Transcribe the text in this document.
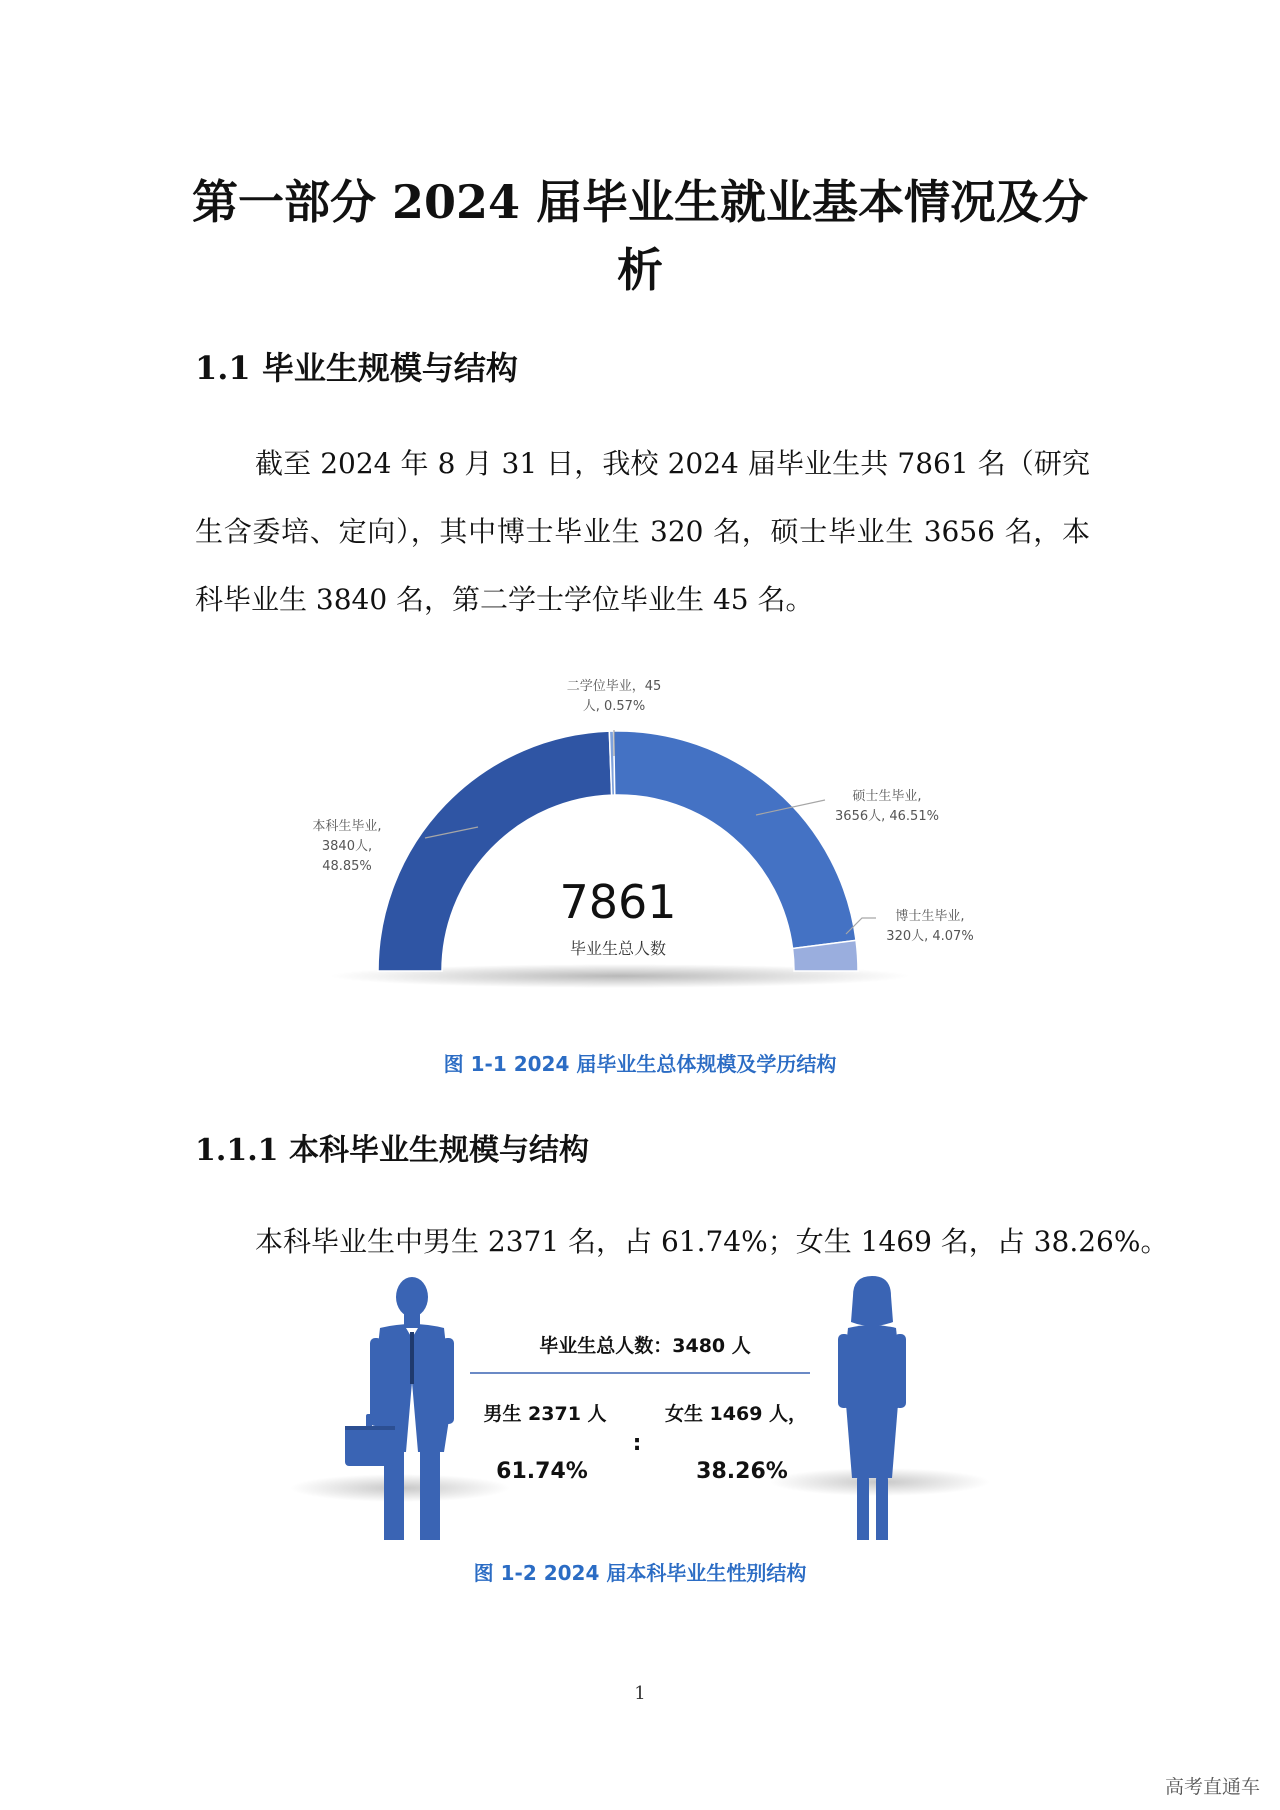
第一部分 2024 届毕业生就业基本情况及分析
1.1 毕业生规模与结构

截至 2024 年 8 月 31 日，我校 2024 届毕业生共 7861 名（研究生含委培、定向），其中博士毕业生 320 名，硕士毕业生 3656 名，本科毕业生 3840 名，第二学士学位毕业生 45 名。

7861
毕业生总人数
本科生毕业,
3840人,
48.85%
二学位毕业，45
人, 0.57%
硕士生毕业,
3656人, 46.51%
博士生毕业,
320人, 4.07%
图 1-1 2024 届毕业生总体规模及学历结构
1.1.1 本科毕业生规模与结构

本科毕业生中男生 2371 名，占 61.74%；女生 1469 名，占 38.26%。

毕业生总人数：3480 人
男生 2371 人
61.74%
:
女生 1469 人，
38.26%
图 1-2 2024 届本科毕业生性别结构
1
高考直通车
